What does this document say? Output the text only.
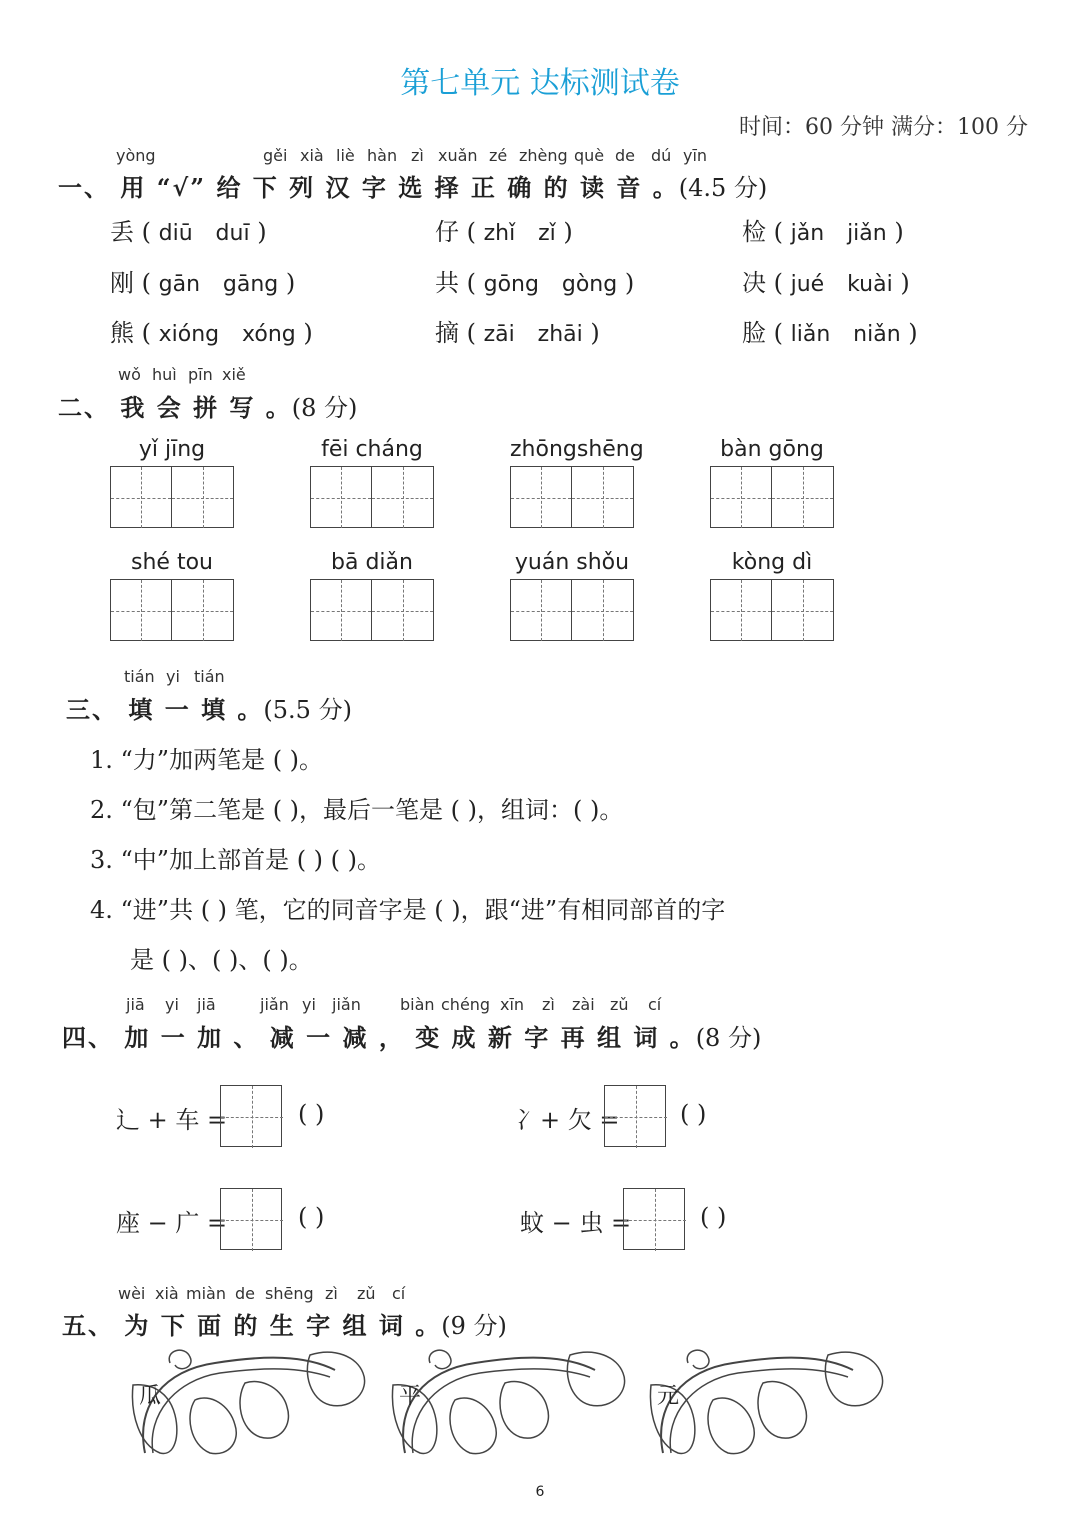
第七单元 达标测试卷
时间：60 分钟 满分：100 分
yòng	gěi xià liè hàn zì xuǎn zé zhèng què de dú yīn
一、 用 “√” 给 下 列 汉 字 选 择 正 确 的 读 音 。(4.5 分)
丢 ( diū duī )	仔 ( zhǐ zǐ )	检 ( jǎn jiǎn )
刚 ( gān gāng )	共 ( gōng gòng )	决 ( jué kuài )
熊 ( xióng xóng )	摘 ( zāi zhāi )	脸 ( liǎn niǎn )
wǒ huì pīn xiě
二、 我 会 拼 写 。(8 分)
yǐ jīng	fēi cháng	zhōngshēng	bàn gōng
shé tou	bā diǎn	yuán shǒu	kòng dì
tián yi tián
三、 填 一 填 。(5.5 分)
1. “力”加两笔是 ( )。
2. “包”第二笔是 ( )，最后一笔是 ( )，组词：( )。
3. “中”加上部首是 ( ) ( )。
4. “进”共 ( ) 笔，它的同音字是 ( )，跟“进”有相同部首的字
是 ( )、( )、( )。
jiā yi jiā	jiǎn yi jiǎn biàn chéng xīn zì zài zǔ cí
四、 加 一 加 、 减 一 减 ， 变 成 新 字 再 组 词 。(8 分)
辶 + 车 =	( )	冫+ 欠 =	( )
座 − 广 =	( )	蚊 − 虫 =	( )
wèi xià miàn de shēng zì zǔ cí
五、 为 下 面 的 生 字 组 词 。(9 分)
瓜	平	元
6
